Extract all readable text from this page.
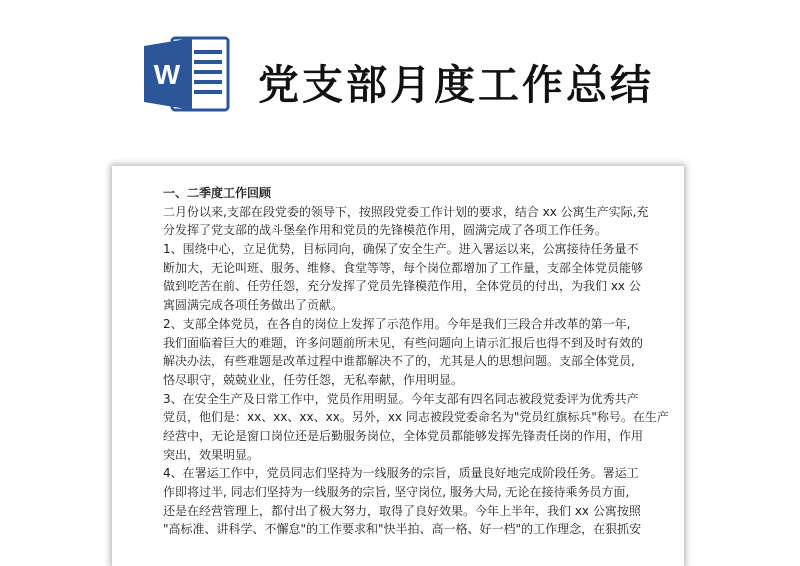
W 党支部月度工作总结
一、二季度工作回顾
二月份以来,支部在段党委的领导下，按照段党委工作计划的要求，结合 xx 公寓生产实际,充
分发挥了党支部的战斗堡垒作用和党员的先锋模范作用，圆满完成了各项工作任务。
1、围绕中心，立足优势，目标同向，确保了安全生产。进入署运以来，公寓接待任务量不
断加大，无论叫班、服务、维修、食堂等等，每个岗位都增加了工作量，支部全体党员能够
做到吃苦在前、任劳任怨，充分发挥了党员先锋模范作用，全体党员的付出，为我们 xx 公
寓圆满完成各项任务做出了贡献。
2、支部全体党员，在各自的岗位上发挥了示范作用。今年是我们三段合并改革的第一年,
我们面临着巨大的难题，许多问题前所未见，有些问题向上请示汇报后也得不到及时有效的
解决办法，有些难题是改革过程中谁都解决不了的，尤其是人的思想问题。支部全体党员,
恪尽职守，兢兢业业，任劳任怨，无私奉献，作用明显。
3、在安全生产及日常工作中，党员作用明显。今年支部有四名同志被段党委评为优秀共产
党员，他们是：xx、xx、xx、xx。另外，xx 同志被段党委命名为"党员红旗标兵"称号。在生产
经营中，无论是窗口岗位还是后勤服务岗位，全体党员都能够发挥先锋责任岗的作用，作用
突出，效果明显。
4、在署运工作中，党员同志们坚持为一线服务的宗旨，质量良好地完成阶段任务。署运工
作即将过半, 同志们坚持为一线服务的宗旨, 坚守岗位, 服务大局, 无论在接待乘务员方面,
还是在经营管理上，都付出了极大努力，取得了良好效果。今年上半年，我们 xx 公寓按照
"高标准、讲科学、不懈怠"的工作要求和"快半拍、高一格、好一档"的工作理念，在狠抓安
